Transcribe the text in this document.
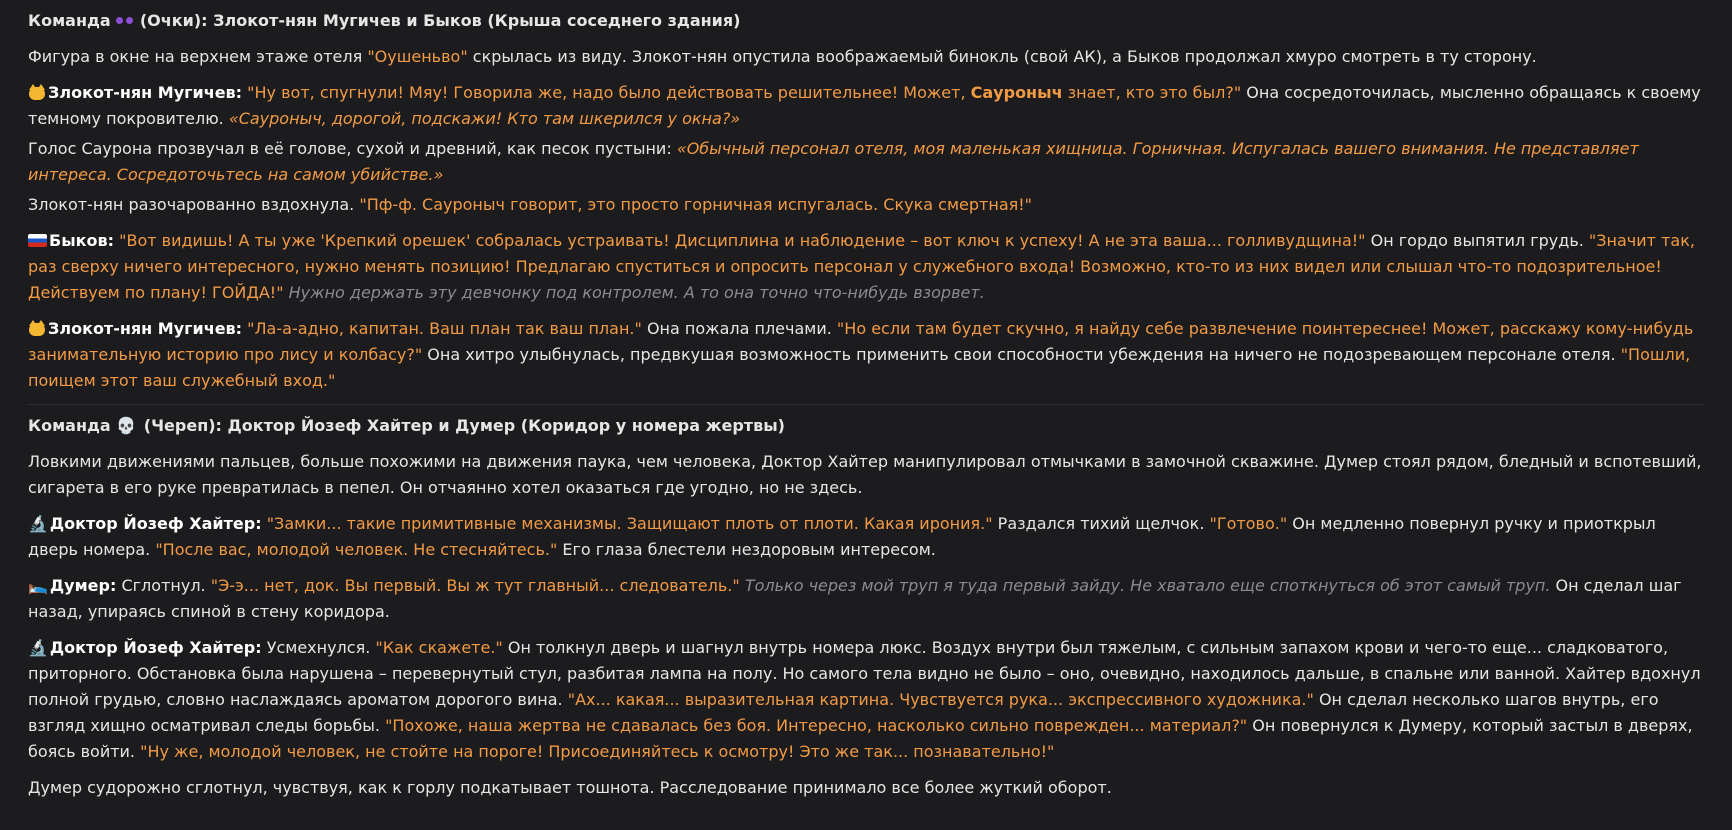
Команда  (Очки): Злокот-нян Мугичев и Быков (Крыша соседнего здания)
Фигура в окне на верхнем этаже отеля "Оушеньво" скрылась из виду. Злокот-нян опустила воображаемый бинокль (свой АК), а Быков продолжал хмуро смотреть в ту сторону.
Злокот-нян Мугичев: "Ну вот, спугнули! Мяу! Говорила же, надо было действовать решительнее! Может, Сауроныч знает, кто это был?" Она сосредоточилась, мысленно обращаясь к своему темному покровителю. «Сауроныч, дорогой, подскажи! Кто там шкерился у окна?»
Голос Саурона прозвучал в её голове, сухой и древний, как песок пустыни: «Обычный персонал отеля, моя маленькая хищница. Горничная. Испугалась вашего внимания. Не представляет интереса. Сосредоточьтесь на самом убийстве.»
Злокот-нян разочарованно вздохнула. "Пф-ф. Сауроныч говорит, это просто горничная испугалась. Скука смертная!"
Быков: "Вот видишь! А ты уже 'Крепкий орешек' собралась устраивать! Дисциплина и наблюдение – вот ключ к успеху! А не эта ваша... голливудщина!" Он гордо выпятил грудь. "Значит так, раз сверху ничего интересного, нужно менять позицию! Предлагаю спуститься и опросить персонал у служебного входа! Возможно, кто-то из них видел или слышал что-то подозрительное! Действуем по плану! ГОЙДА!" Нужно держать эту девчонку под контролем. А то она точно что-нибудь взорвет.
Злокот-нян Мугичев: "Ла-а-адно, капитан. Ваш план так ваш план." Она пожала плечами. "Но если там будет скучно, я найду себе развлечение поинтереснее! Может, расскажу кому-нибудь занимательную историю про лису и колбасу?" Она хитро улыбнулась, предвкушая возможность применить свои способности убеждения на ничего не подозревающем персонале отеля. "Пошли, поищем этот ваш служебный вход."
Команда 💀 (Череп): Доктор Йозеф Хайтер и Думер (Коридор у номера жертвы)
Ловкими движениями пальцев, больше похожими на движения паука, чем человека, Доктор Хайтер манипулировал отмычками в замочной скважине. Думер стоял рядом, бледный и вспотевший, сигарета в его руке превратилась в пепел. Он отчаянно хотел оказаться где угодно, но не здесь.
🔬 Доктор Йозеф Хайтер: "Замки... такие примитивные механизмы. Защищают плоть от плоти. Какая ирония." Раздался тихий щелчок. "Готово." Он медленно повернул ручку и приоткрыл дверь номера. "После вас, молодой человек. Не стесняйтесь." Его глаза блестели нездоровым интересом.
🛌 Думер: Сглотнул. "Э-э... нет, док. Вы первый. Вы ж тут главный... следователь." Только через мой труп я туда первый зайду. Не хватало еще споткнуться об этот самый труп. Он сделал шаг назад, упираясь спиной в стену коридора.
🔬 Доктор Йозеф Хайтер: Усмехнулся. "Как скажете." Он толкнул дверь и шагнул внутрь номера люкс. Воздух внутри был тяжелым, с сильным запахом крови и чего-то еще... сладковатого, приторного. Обстановка была нарушена – перевернутый стул, разбитая лампа на полу. Но самого тела видно не было – оно, очевидно, находилось дальше, в спальне или ванной. Хайтер вдохнул полной грудью, словно наслаждаясь ароматом дорогого вина. "Ах... какая... выразительная картина. Чувствуется рука... экспрессивного художника." Он сделал несколько шагов внутрь, его взгляд хищно осматривал следы борьбы. "Похоже, наша жертва не сдавалась без боя. Интересно, насколько сильно поврежден... материал?" Он повернулся к Думеру, который застыл в дверях, боясь войти. "Ну же, молодой человек, не стойте на пороге! Присоединяйтесь к осмотру! Это же так... познавательно!"
Думер судорожно сглотнул, чувствуя, как к горлу подкатывает тошнота. Расследование принимало все более жуткий оборот.
